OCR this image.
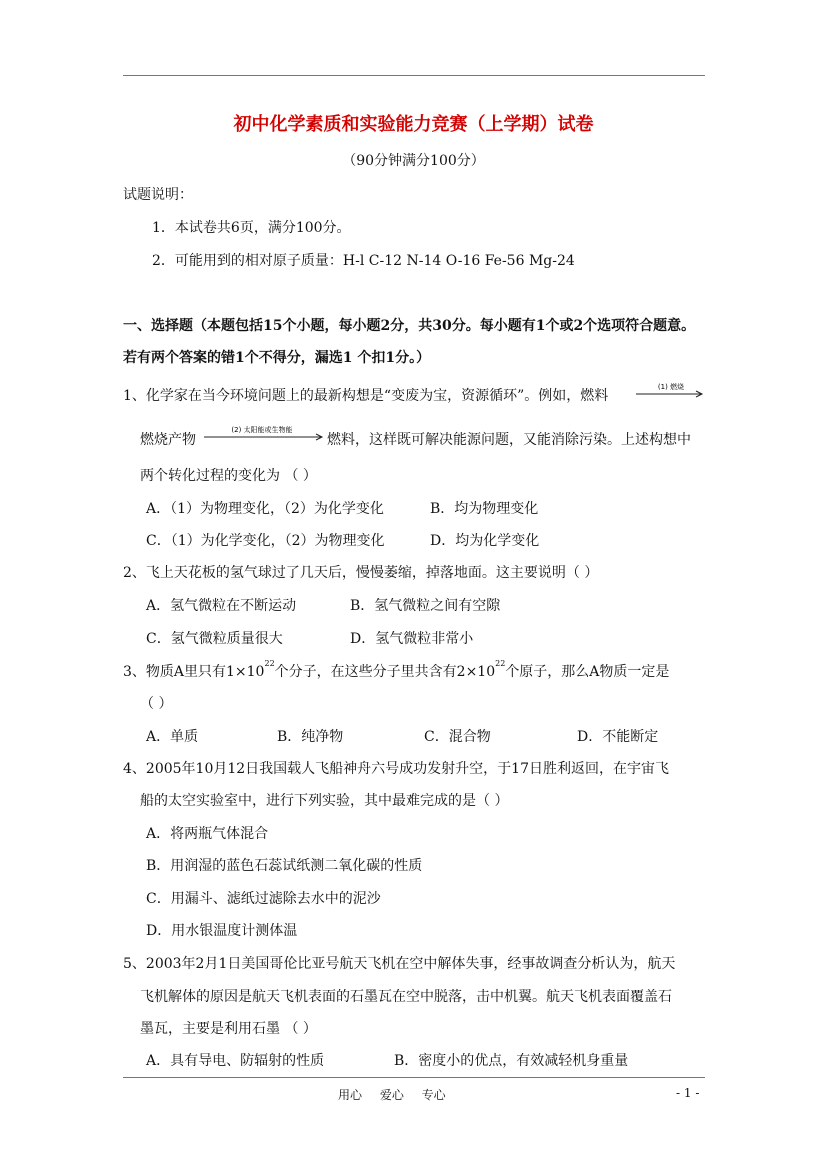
初中化学素质和实验能力竞赛（上学期）试卷
（90分钟满分100分）
试题说明：
1．本试卷共6页，满分100分。
2．可能用到的相对原子质量：H-l C-12 N-14 O-16 Fe-56 Mg-24
一、选择题（本题包括15个小题，每小题2分，共30分。每小题有1个或2个选项符合题意。
若有两个答案的错1个不得分，漏选1 个扣1分。）
1、化学家在当今环境问题上的最新构想是“变废为宝，资源循环”。例如，燃料
(1) 燃烧
燃烧产物
(2) 太阳能或生物能
燃料，这样既可解决能源问题，又能消除污染。上述构想中
两个转化过程的变化为 （ ）
A．（1）为物理变化，（2）为化学变化	B．均为物理变化
C．（1）为化学变化，（2）为物理变化	D．均为化学变化
2、飞上天花板的氢气球过了几天后，慢慢萎缩，掉落地面。这主要说明（ ）
A．氢气微粒在不断运动	B．氢气微粒之间有空隙
C．氢气微粒质量很大	D．氢气微粒非常小
3、物质A里只有$1\times 10^{22}$个分子，在这些分子里共含有$2\times 10^{22}$个原子，那么A物质一定是
（ ）
A．单质	B．纯净物	C．混合物	D．不能断定
4、2005年10月12日我国载人飞船神舟六号成功发射升空，于17日胜利返回，在宇宙飞
船的太空实验室中，进行下列实验，其中最难完成的是（ ）
A．将两瓶气体混合
B．用润湿的蓝色石蕊试纸测二氧化碳的性质
C．用漏斗、滤纸过滤除去水中的泥沙
D．用水银温度计测体温
5、2003年2月1日美国哥伦比亚号航天飞机在空中解体失事，经事故调查分析认为，航天
飞机解体的原因是航天飞机表面的石墨瓦在空中脱落，击中机翼。航天飞机表面覆盖石
墨瓦，主要是利用石墨 （ ）
A．具有导电、防辐射的性质	B．密度小的优点，有效减轻机身重量
用心 爱心 专心	- 1 -
